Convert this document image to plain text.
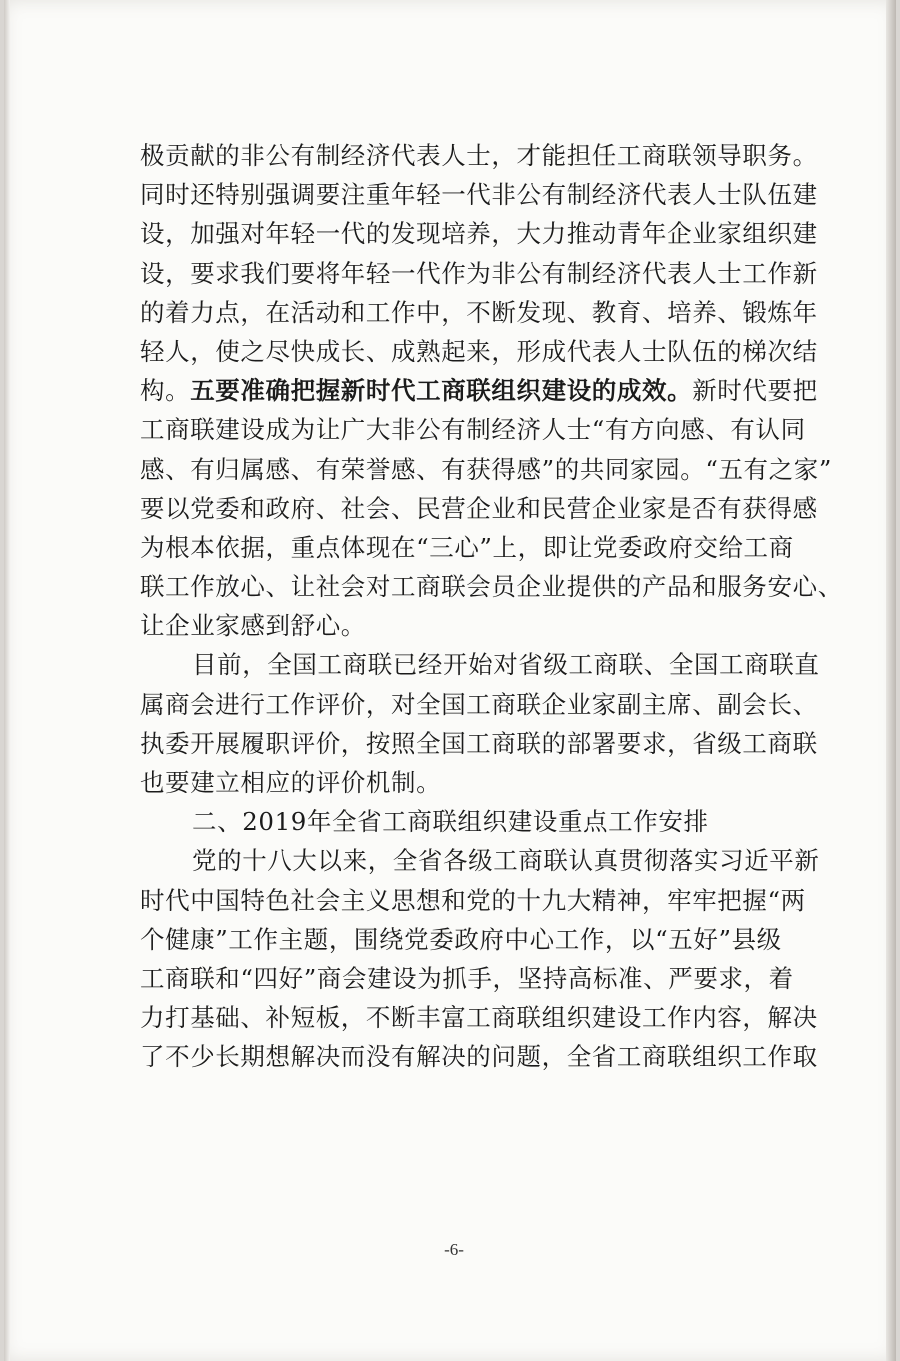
极贡献的非公有制经济代表人士，才能担任工商联领导职务。
同时还特别强调要注重年轻一代非公有制经济代表人士队伍建
设，加强对年轻一代的发现培养，大力推动青年企业家组织建
设，要求我们要将年轻一代作为非公有制经济代表人士工作新
的着力点，在活动和工作中，不断发现、教育、培养、锻炼年
轻人，使之尽快成长、成熟起来，形成代表人士队伍的梯次结
构。五要准确把握新时代工商联组织建设的成效。新时代要把
工商联建设成为让广大非公有制经济人士“有方向感、有认同
感、有归属感、有荣誉感、有获得感”的共同家园。“五有之家”
要以党委和政府、社会、民营企业和民营企业家是否有获得感
为根本依据，重点体现在“三心”上，即让党委政府交给工商
联工作放心、让社会对工商联会员企业提供的产品和服务安心、
让企业家感到舒心。
目前，全国工商联已经开始对省级工商联、全国工商联直
属商会进行工作评价，对全国工商联企业家副主席、副会长、
执委开展履职评价，按照全国工商联的部署要求，省级工商联
也要建立相应的评价机制。
二、2019年全省工商联组织建设重点工作安排
党的十八大以来，全省各级工商联认真贯彻落实习近平新
时代中国特色社会主义思想和党的十九大精神，牢牢把握“两
个健康”工作主题，围绕党委政府中心工作，以“五好”县级
工商联和“四好”商会建设为抓手，坚持高标准、严要求，着
力打基础、补短板，不断丰富工商联组织建设工作内容，解决
了不少长期想解决而没有解决的问题，全省工商联组织工作取
-6-
